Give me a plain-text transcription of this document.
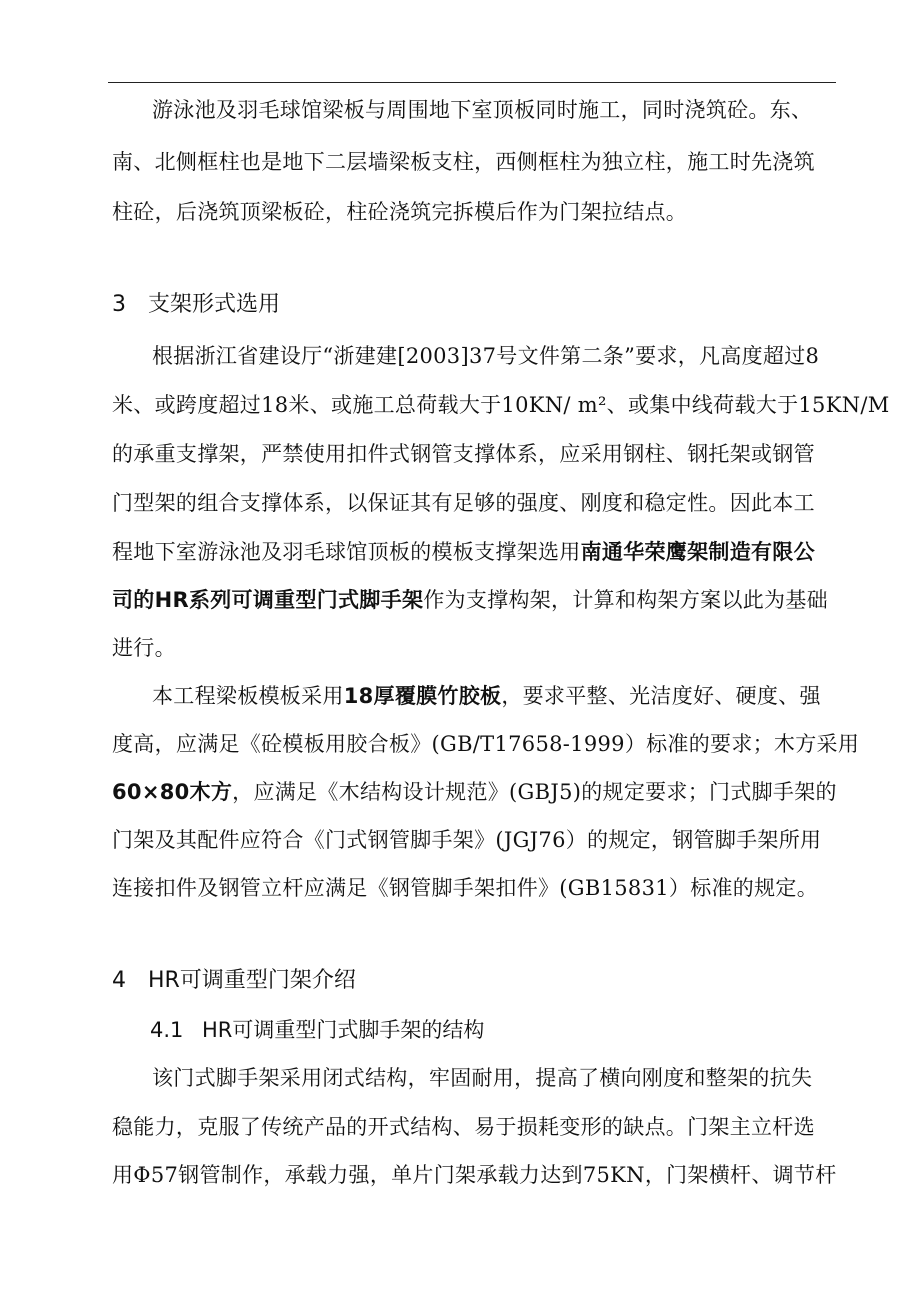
游泳池及羽毛球馆梁板与周围地下室顶板同时施工，同时浇筑砼。东、
南、北侧框柱也是地下二层墙梁板支柱，西侧框柱为独立柱，施工时先浇筑
柱砼，后浇筑顶梁板砼，柱砼浇筑完拆模后作为门架拉结点。
3 支架形式选用
根据浙江省建设厅“浙建建[2003]37号文件第二条”要求，凡高度超过8
米、或跨度超过18米、或施工总荷载大于10KN/ m²、或集中线荷载大于15KN/M
的承重支撑架，严禁使用扣件式钢管支撑体系，应采用钢柱、钢托架或钢管
门型架的组合支撑体系，以保证其有足够的强度、刚度和稳定性。因此本工
程地下室游泳池及羽毛球馆顶板的模板支撑架选用南通华荣鹰架制造有限公
司的HR系列可调重型门式脚手架作为支撑构架，计算和构架方案以此为基础
进行。
本工程梁板模板采用18厚覆膜竹胶板，要求平整、光洁度好、硬度、强
度高，应满足《砼模板用胶合板》(GB/T17658-1999）标准的要求；木方采用
60×80木方，应满足《木结构设计规范》(GBJ5)的规定要求；门式脚手架的
门架及其配件应符合《门式钢管脚手架》(JGJ76）的规定，钢管脚手架所用
连接扣件及钢管立杆应满足《钢管脚手架扣件》(GB15831）标准的规定。
4 HR可调重型门架介绍
4.1 HR可调重型门式脚手架的结构
该门式脚手架采用闭式结构，牢固耐用，提高了横向刚度和整架的抗失
稳能力，克服了传统产品的开式结构、易于损耗变形的缺点。门架主立杆选
用Φ57钢管制作，承载力强，单片门架承载力达到75KN，门架横杆、调节杆
